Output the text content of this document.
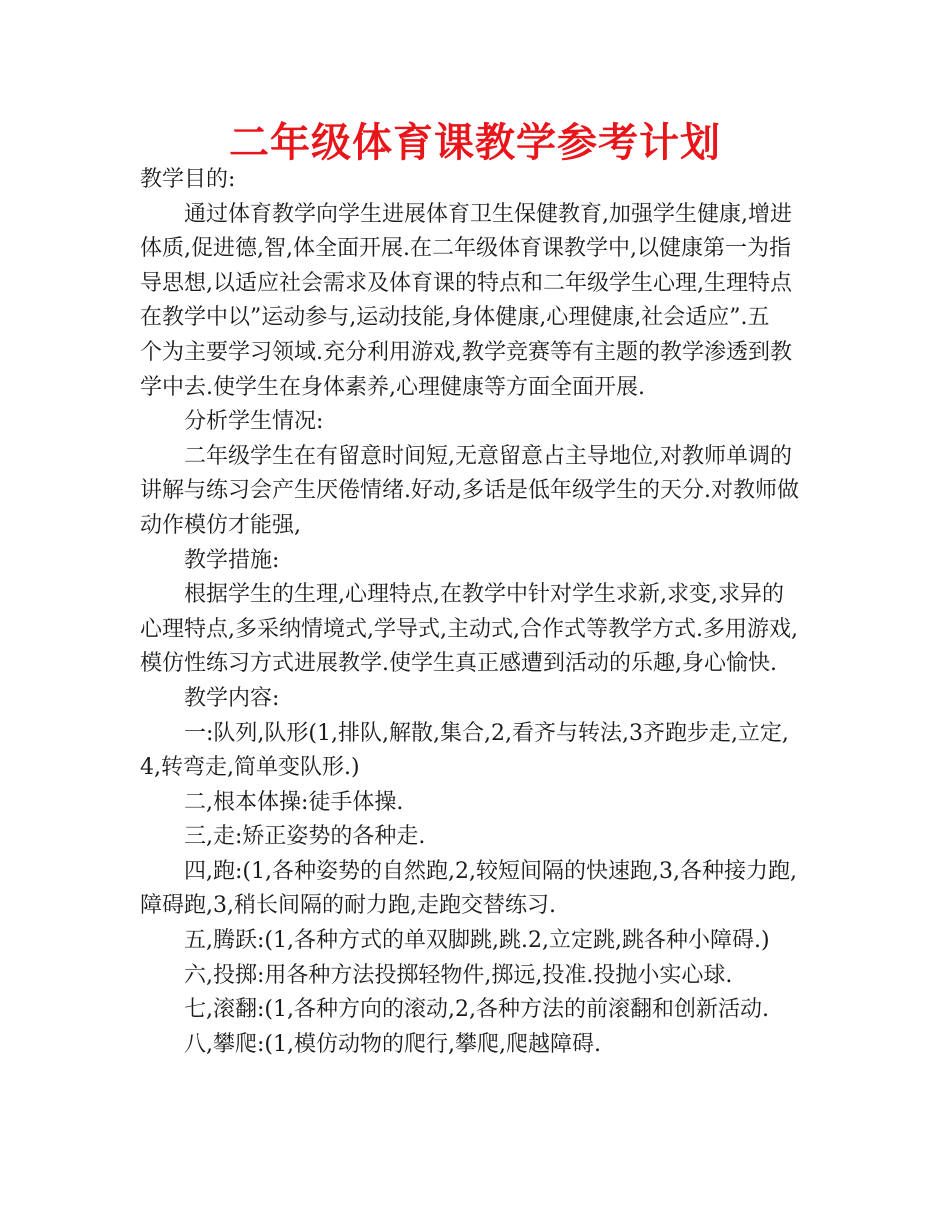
二年级体育课教学参考计划
教学目的:
通过体育教学向学生进展体育卫生保健教育,加强学生健康,增进
体质,促进德,智,体全面开展.在二年级体育课教学中,以健康第一为指
导思想,以适应社会需求及体育课的特点和二年级学生心理,生理特点
在教学中以”运动参与,运动技能,身体健康,心理健康,社会适应”.五
个为主要学习领域.充分利用游戏,教学竞赛等有主题的教学渗透到教
学中去.使学生在身体素养,心理健康等方面全面开展.
分析学生情况:
二年级学生在有留意时间短,无意留意占主导地位,对教师单调的
讲解与练习会产生厌倦情绪.好动,多话是低年级学生的天分.对教师做
动作模仿才能强,
教学措施:
根据学生的生理,心理特点,在教学中针对学生求新,求变,求异的
心理特点,多采纳情境式,学导式,主动式,合作式等教学方式.多用游戏,
模仿性练习方式进展教学.使学生真正感遭到活动的乐趣,身心愉快.
教学内容:
一:队列,队形(1,排队,解散,集合,2,看齐与转法,3齐跑步走,立定,
4,转弯走,简单变队形.)
二,根本体操:徒手体操.
三,走:矫正姿势的各种走.
四,跑:(1,各种姿势的自然跑,2,较短间隔的快速跑,3,各种接力跑,
障碍跑,3,稍长间隔的耐力跑,走跑交替练习.
五,腾跃:(1,各种方式的单双脚跳,跳.2,立定跳,跳各种小障碍.)
六,投掷:用各种方法投掷轻物件,掷远,投准.投抛小实心球.
七,滚翻:(1,各种方向的滚动,2,各种方法的前滚翻和创新活动.
八,攀爬:(1,模仿动物的爬行,攀爬,爬越障碍.
